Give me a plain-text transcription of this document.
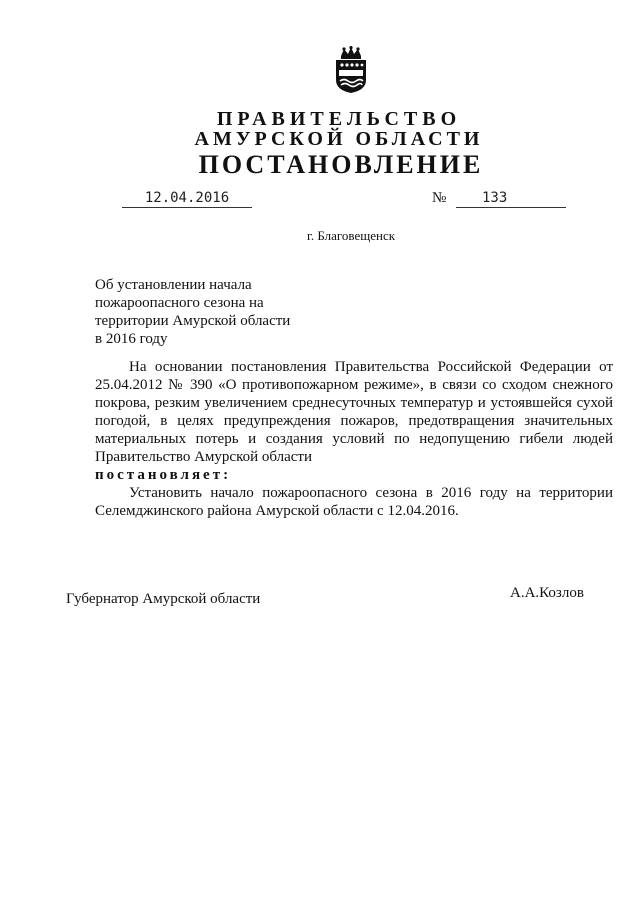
ПРАВИТЕЛЬСТВО
АМУРСКОЙ ОБЛАСТИ
ПОСТАНОВЛЕНИЕ
12.04.2016	№	133
г. Благовещенск
Об установлении начала
пожароопасного сезона на
территории Амурской области
в 2016 году
На основании постановления Правительства Российской Федерации от 25.04.2012 № 390 «О противопожарном режиме», в связи со сходом снежного покрова, резким увеличением среднесуточных температур и устоявшейся сухой погодой, в целях предупреждения пожаров, предотвращения значительных материальных потерь и создания условий по недопущению гибели людей Правительство Амурской области
постановляет:
Установить начало пожароопасного сезона в 2016 году на территории Селемджинского района Амурской области с 12.04.2016.
Губернатор Амурской области	А.А.Козлов
